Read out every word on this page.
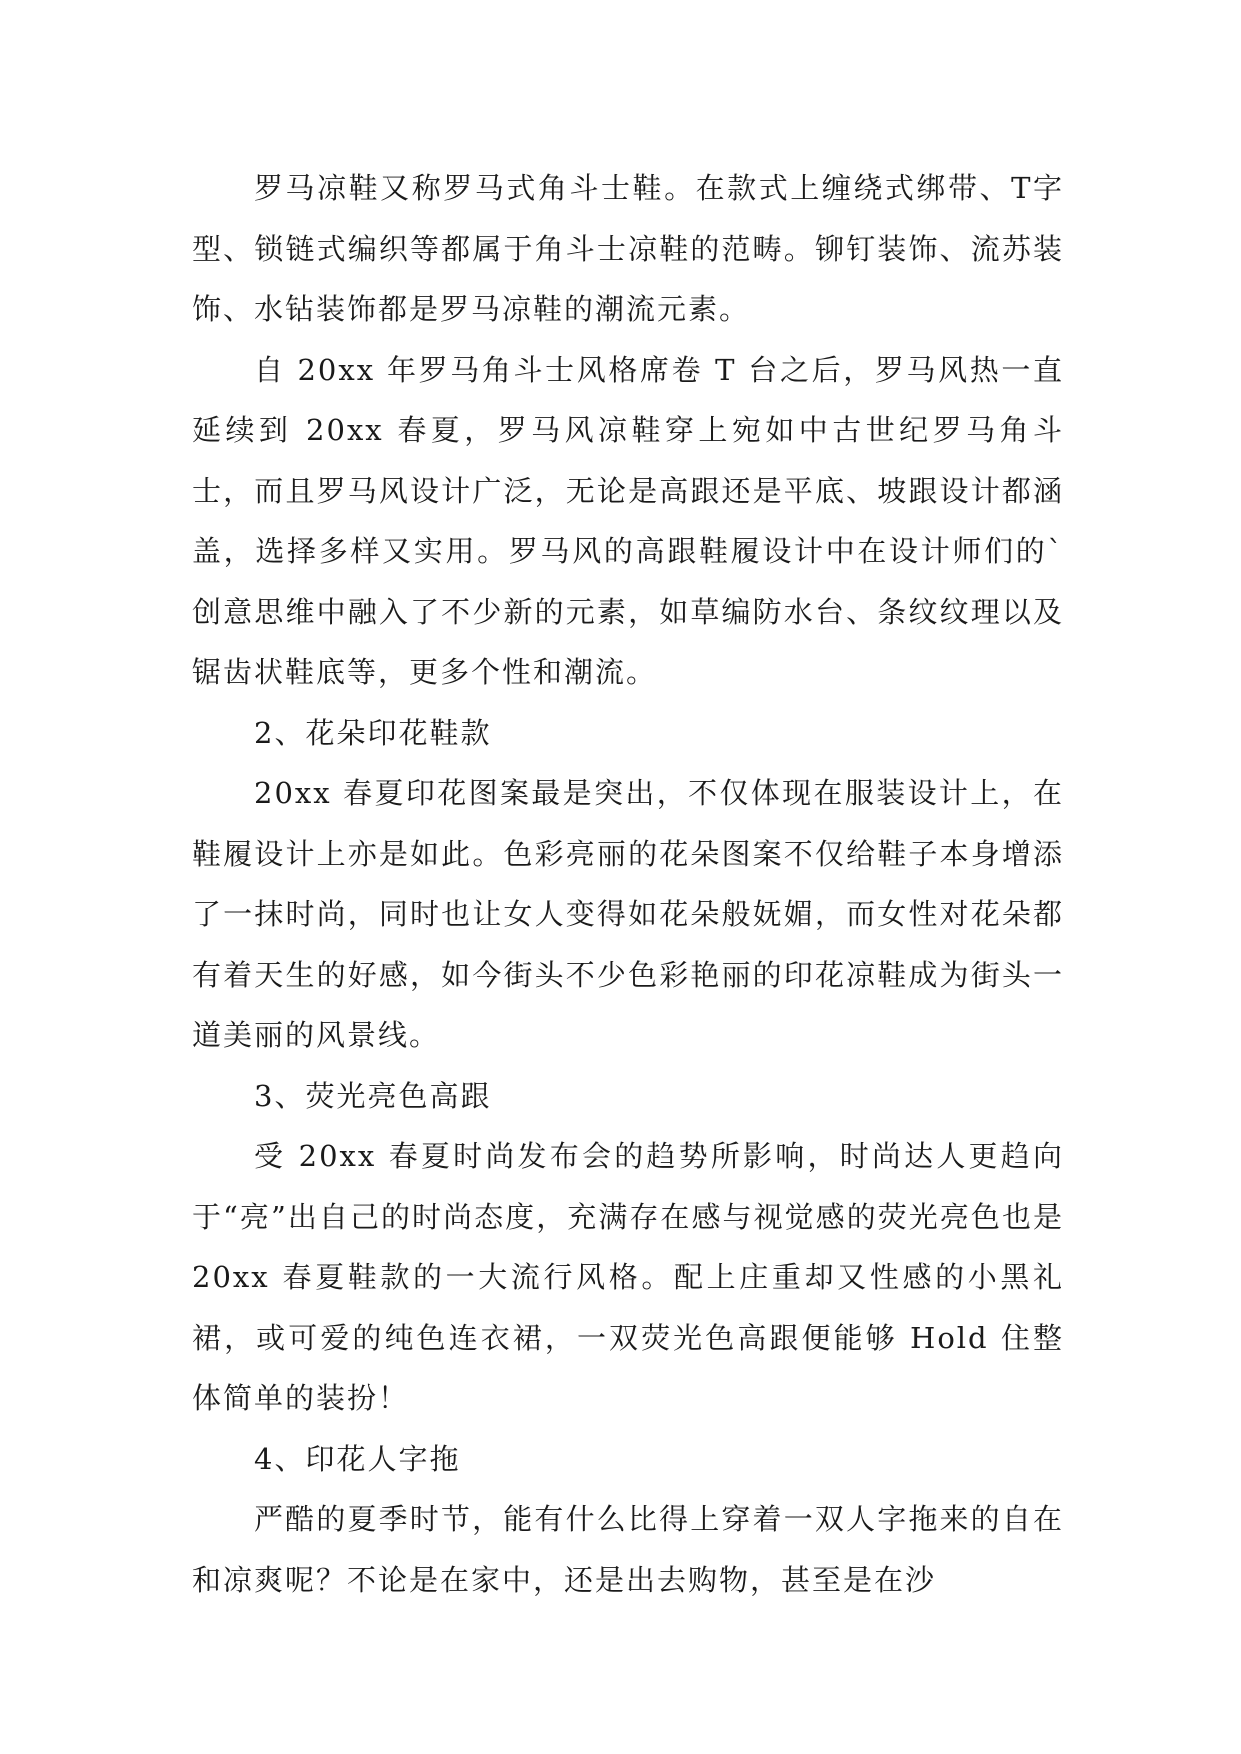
罗马凉鞋又称罗马式角斗士鞋。在款式上缠绕式绑带、T字型、锁链式编织等都属于角斗士凉鞋的范畴。铆钉装饰、流苏装饰、水钻装饰都是罗马凉鞋的潮流元素。

自 20xx 年罗马角斗士风格席卷 T 台之后，罗马风热一直延续到 20xx 春夏，罗马风凉鞋穿上宛如中古世纪罗马角斗士，而且罗马风设计广泛，无论是高跟还是平底、坡跟设计都涵盖，选择多样又实用。罗马风的高跟鞋履设计中在设计师们的`创意思维中融入了不少新的元素，如草编防水台、条纹纹理以及锯齿状鞋底等，更多个性和潮流。

2、花朵印花鞋款

20xx 春夏印花图案最是突出，不仅体现在服装设计上，在鞋履设计上亦是如此。色彩亮丽的花朵图案不仅给鞋子本身增添了一抹时尚，同时也让女人变得如花朵般妩媚，而女性对花朵都有着天生的好感，如今街头不少色彩艳丽的印花凉鞋成为街头一道美丽的风景线。

3、荧光亮色高跟

受 20xx 春夏时尚发布会的趋势所影响，时尚达人更趋向于“亮”出自己的时尚态度，充满存在感与视觉感的荧光亮色也是 20xx 春夏鞋款的一大流行风格。配上庄重却又性感的小黑礼裙，或可爱的纯色连衣裙，一双荧光色高跟便能够 Hold 住整体简单的装扮！

4、印花人字拖

严酷的夏季时节，能有什么比得上穿着一双人字拖来的自在和凉爽呢？不论是在家中，还是出去购物，甚至是在沙
